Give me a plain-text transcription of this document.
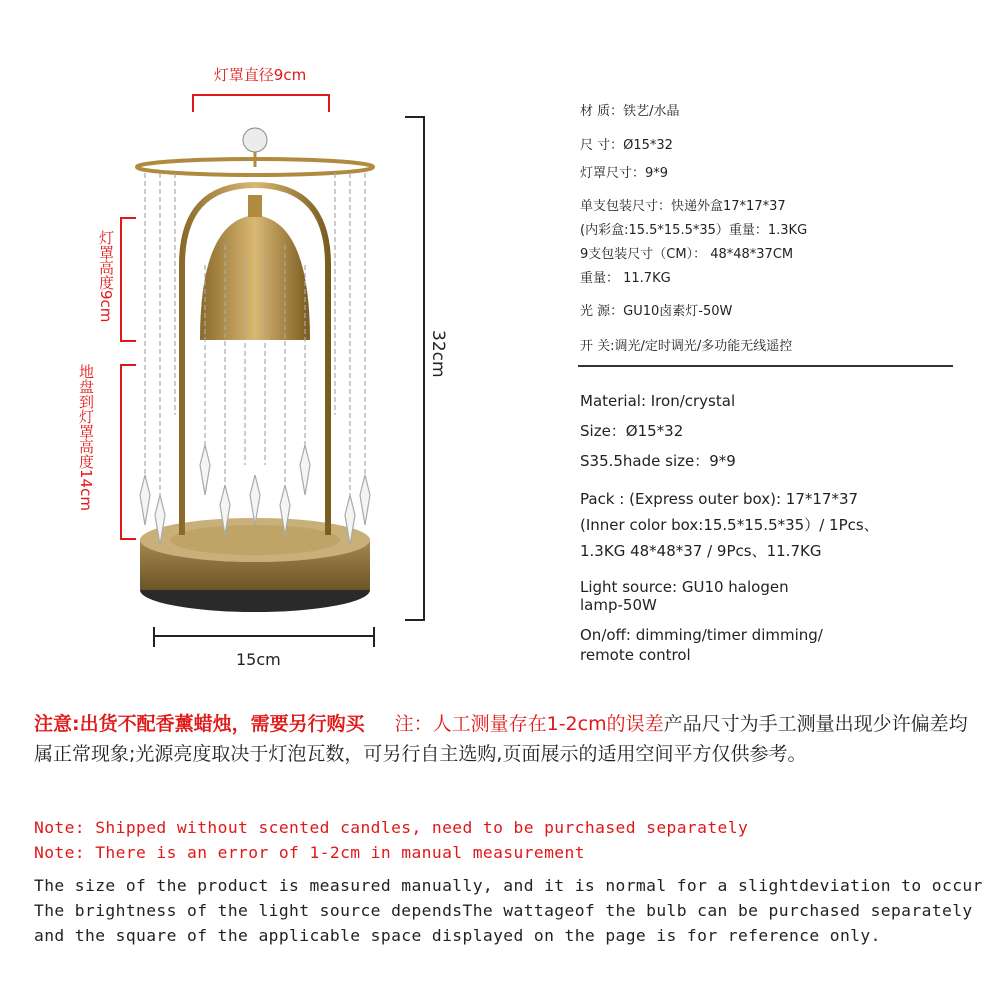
灯罩直径9cm
灯罩高度9cm
地盘到灯罩高度14cm
32cm
15cm
材 质：铁艺/水晶
尺 寸：Ø15*32
灯罩尺寸：9*9
单支包装尺寸：快递外盒17*17*37
(内彩盒:15.5*15.5*35）重量：1.3KG
9支包装尺寸（CM）： 48*48*37CM
重量： 11.7KG
光 源：GU10卤素灯-50W
开 关:调光/定时调光/多功能无线遥控
Material: Iron/crystal
Size：Ø15*32
S35.5hade size：9*9
Pack : (Express outer box): 17*17*37
(Inner color box:15.5*15.5*35）/ 1Pcs、
1.3KG 48*48*37 / 9Pcs、11.7KG
Light source: GU10 halogen
lamp-50W
On/off: dimming/timer dimming/
remote control
注意:出货不配香薰蜡烛，需要另行购买 注：人工测量存在1-2cm的误差产品尺寸为手工测量出现少许偏差均属正常现象;光源亮度取决于灯泡瓦数，可另行自主选购,页面展示的适用空间平方仅供参考。
Note: Shipped without scented candles, need to be purchased separately
Note: There is an error of 1-2cm in manual measurement
The size of the product is measured manually, and it is normal for a slightdeviation to occur
The brightness of the light source dependsThe wattageof the bulb can be purchased separately
and the square of the applicable space displayed on the page is for reference only.
